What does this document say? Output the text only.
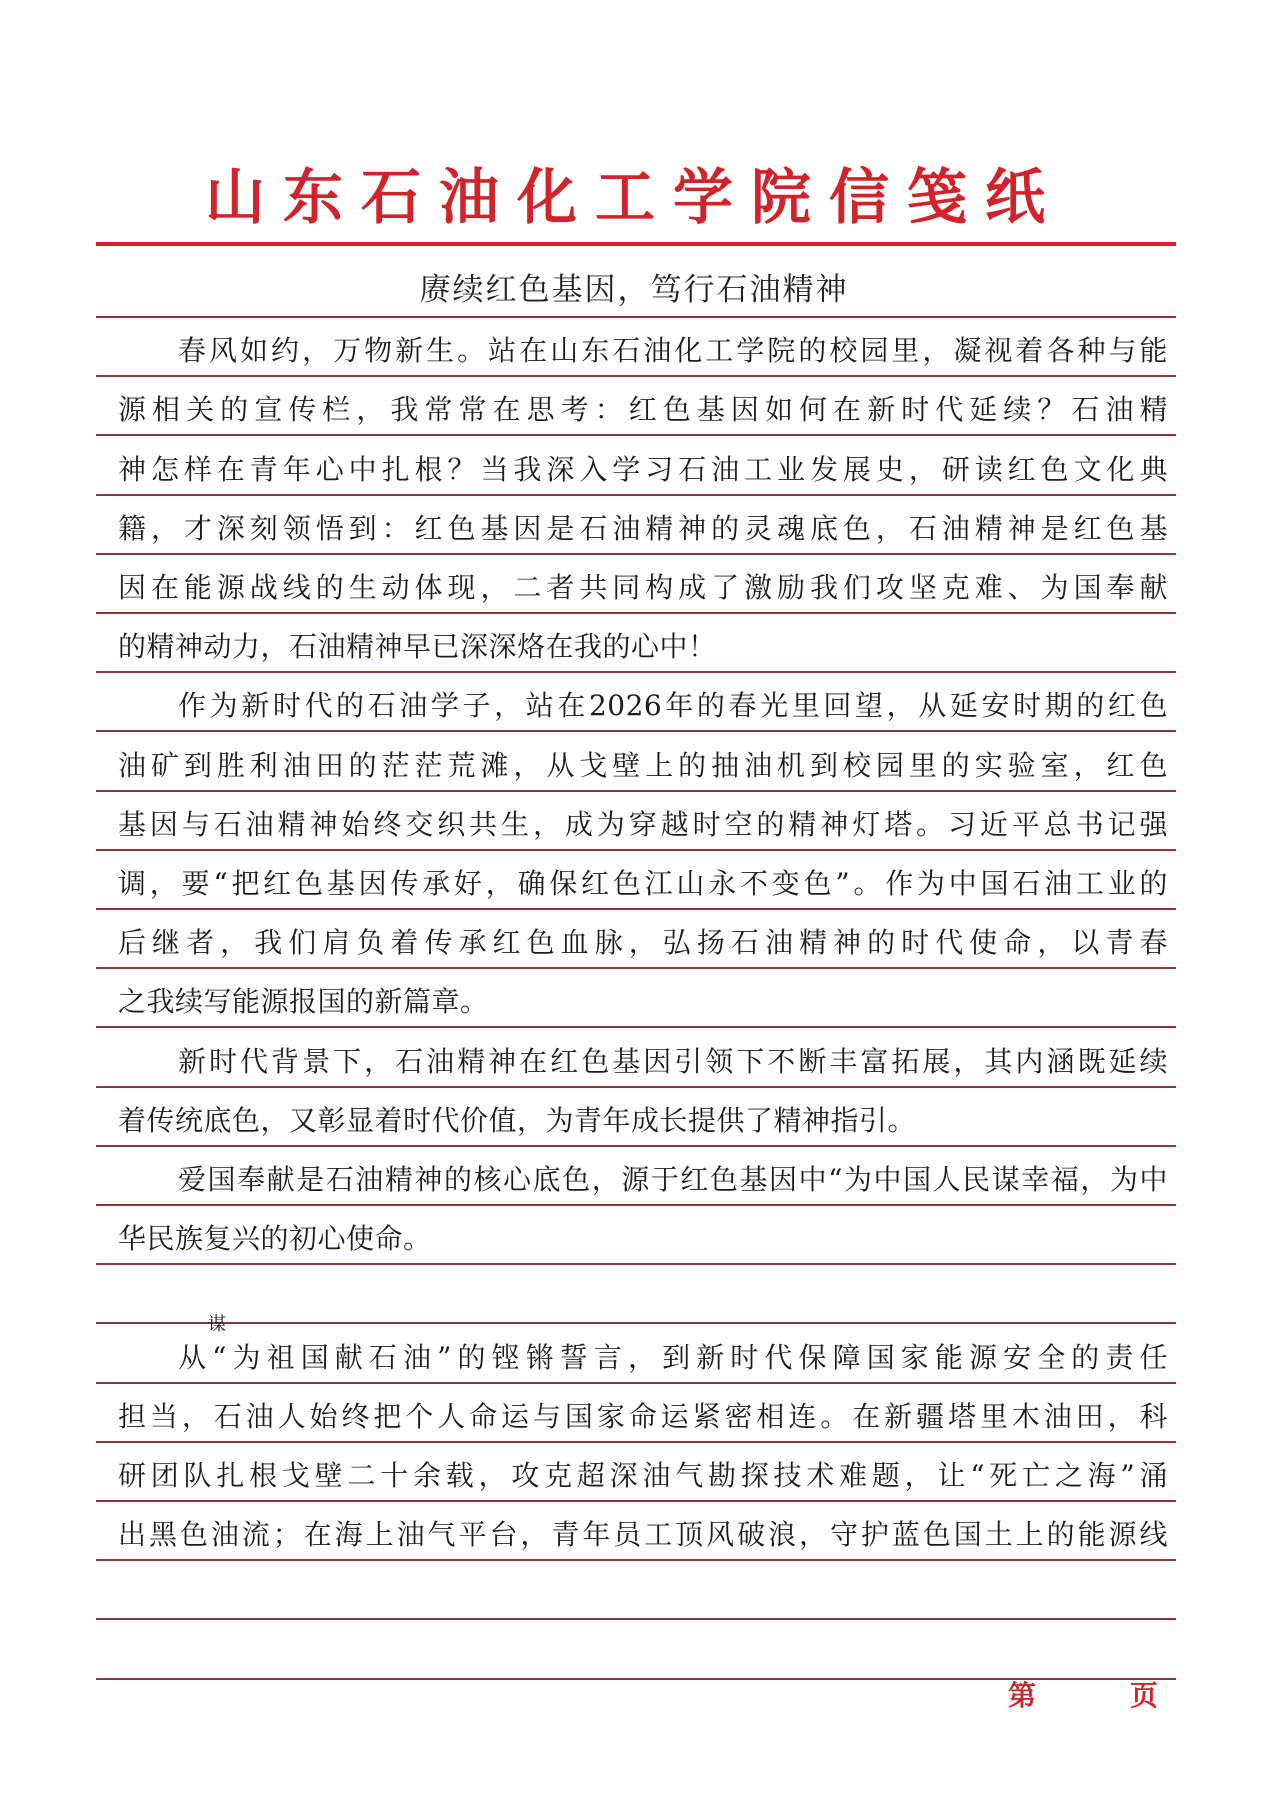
山东石油化工学院信笺纸
赓续红色基因，笃行石油精神
春风如约，万物新生。站在山东石油化工学院的校园里，凝视着各种与能
源相关的宣传栏，我常常在思考：红色基因如何在新时代延续？石油精
神怎样在青年心中扎根？当我深入学习石油工业发展史，研读红色文化典
籍，才深刻领悟到：红色基因是石油精神的灵魂底色，石油精神是红色基
因在能源战线的生动体现，二者共同构成了激励我们攻坚克难、为国奉献
的精神动力，石油精神早已深深烙在我的心中！
作为新时代的石油学子，站在2026年的春光里回望，从延安时期的红色
油矿到胜利油田的茫茫荒滩，从戈壁上的抽油机到校园里的实验室，红色
基因与石油精神始终交织共生，成为穿越时空的精神灯塔。习近平总书记强
调，要“把红色基因传承好，确保红色江山永不变色”。作为中国石油工业的
后继者，我们肩负着传承红色血脉，弘扬石油精神的时代使命，以青春
之我续写能源报国的新篇章。
新时代背景下，石油精神在红色基因引领下不断丰富拓展，其内涵既延续
着传统底色，又彰显着时代价值，为青年成长提供了精神指引。
爱国奉献是石油精神的核心底色，源于红色基因中“为中国人民谋幸福，为中
华民族复兴的初心使命。
从“为祖国献石油”的铿锵誓言，到新时代保障国家能源安全的责任
担当，石油人始终把个人命运与国家命运紧密相连。在新疆塔里木油田，科
研团队扎根戈壁二十余载，攻克超深油气勘探技术难题，让“死亡之海”涌
出黑色油流；在海上油气平台，青年员工顶风破浪，守护蓝色国土上的能源线
谋
第	页
